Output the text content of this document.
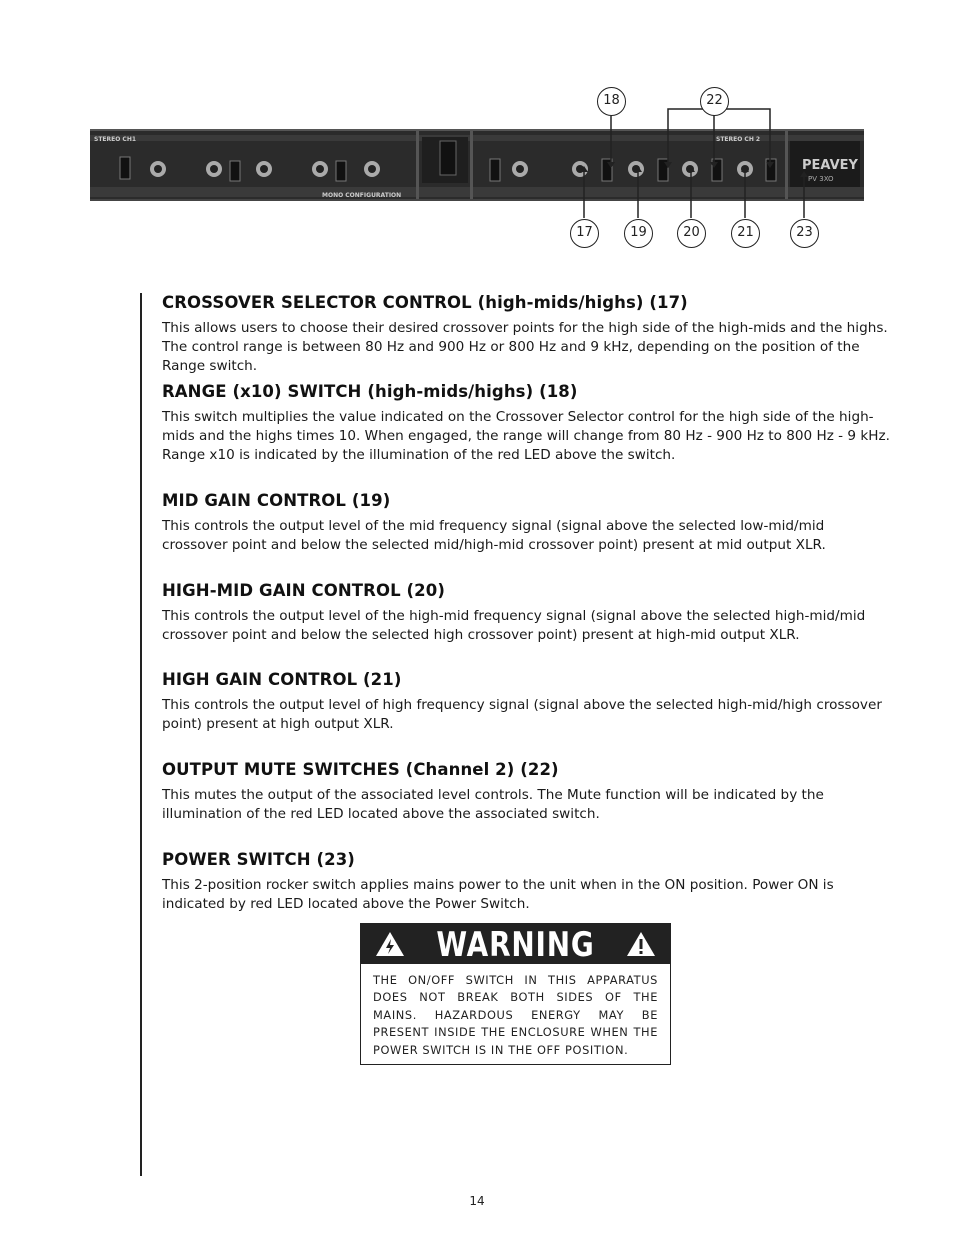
PEAVEY
PV 3XO
STEREO CH1	STEREO CH 2
MONO CONFIGURATION
18	22
17	19	20	21	23
CROSSOVER SELECTOR CONTROL (high-mids/highs) (17)

This allows users to choose their desired crossover points for the high side of the high-mids and the highs. The control range is between 80 Hz and 900 Hz or 800 Hz and 9 kHz, depending on the position of the Range switch.

RANGE (x10) SWITCH (high-mids/highs) (18)

This switch multiplies the value indicated on the Crossover Selector control for the high side of the high-mids and the highs times 10. When engaged, the range will change from 80 Hz - 900 Hz to 800 Hz - 9 kHz. Range x10 is indicated by the illumination of the red LED above the switch.

MID GAIN CONTROL (19)

This controls the output level of the mid frequency signal (signal above the selected low-mid/mid crossover point and below the selected mid/high-mid crossover point) present at mid output XLR.

HIGH-MID GAIN CONTROL (20)

This controls the output level of the high-mid frequency signal (signal above the selected high-mid/mid crossover point and below the selected high crossover point) present at high-mid output XLR.

HIGH GAIN CONTROL (21)

This controls the output level of high frequency signal (signal above the selected high-mid/high crossover point) present at high output XLR.

OUTPUT MUTE SWITCHES (Channel 2) (22)

This mutes the output of the associated level controls. The Mute function will be indicated by the illumination of the red LED located above the associated switch.

POWER SWITCH (23)

This 2-position rocker switch applies mains power to the unit when in the ON position. Power ON is indicated by red LED located above the Power Switch.

WARNING
THE ON/OFF SWITCH IN THIS APPARATUS DOES NOT BREAK BOTH SIDES OF THE MAINS. HAZARDOUS ENERGY MAY BE PRESENT INSIDE THE ENCLOSURE WHEN THE POWER SWITCH IS IN THE OFF POSITION.
14
